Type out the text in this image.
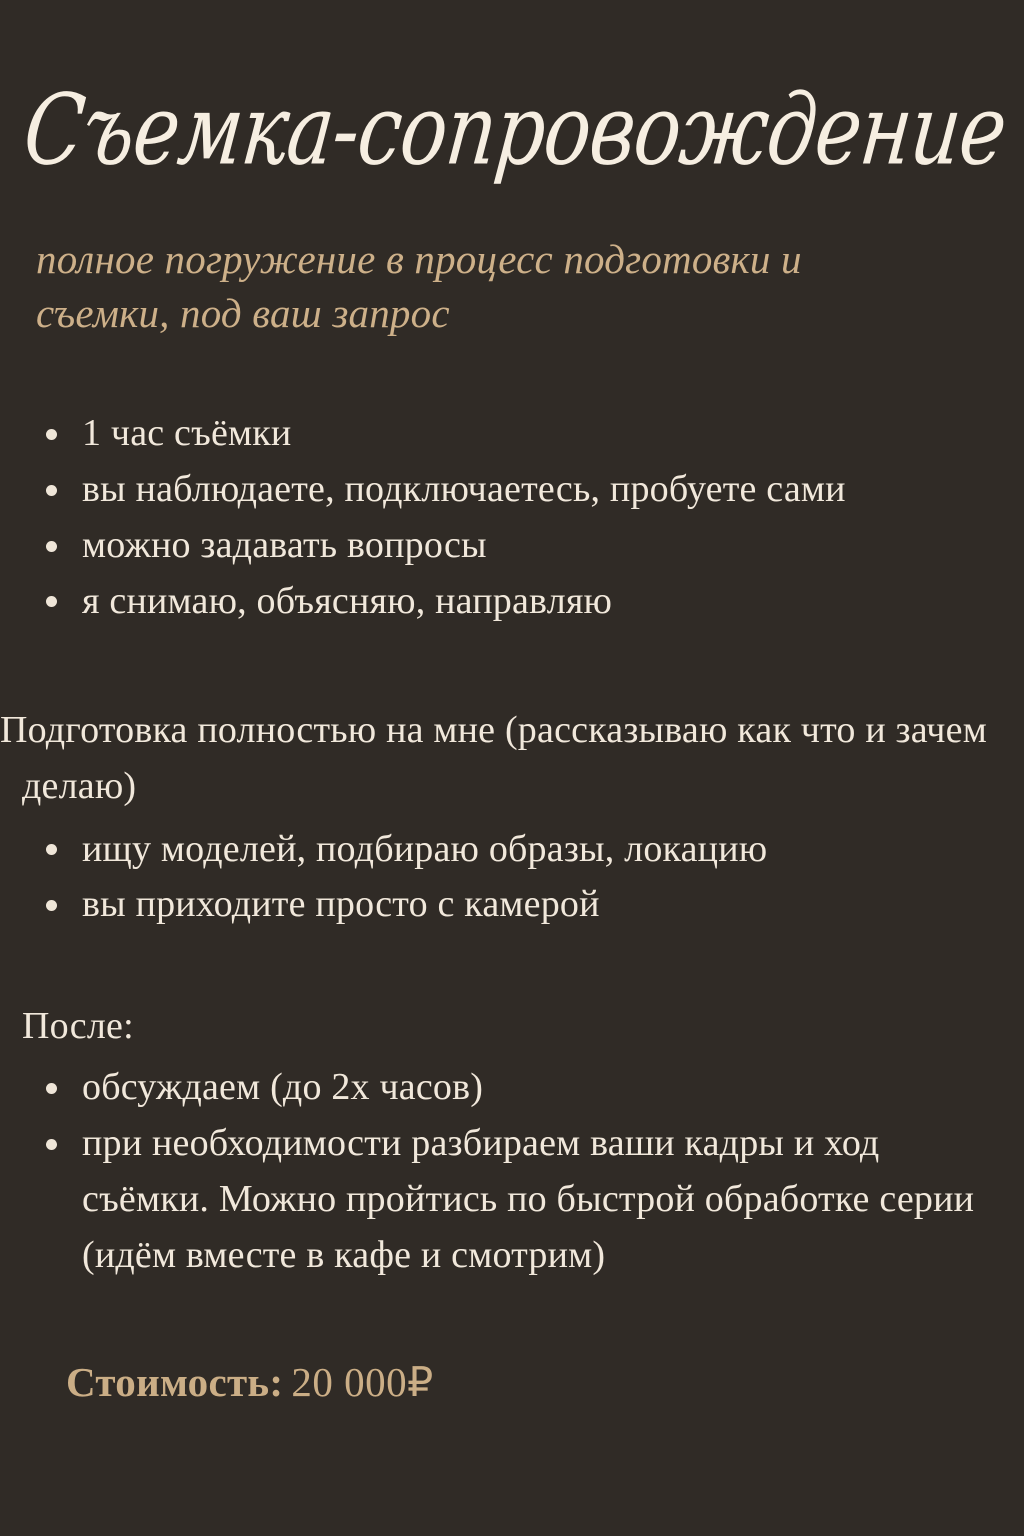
Съемка-сопровождение
полное погружение в процесс подготовки и съемки, под ваш запрос
1 час съёмки
вы наблюдаете, подключаетесь, пробуете сами
можно задавать вопросы
я снимаю, объясняю, направляю
Подготовка полностью на мне (рассказываю как что и зачем делаю)
ищу моделей, подбираю образы, локацию
вы приходите просто с камерой
После:
обсуждаем (до 2х часов)
при необходимости разбираем ваши кадры и ход съёмки. Можно пройтись по быстрой обработке серии (идём вместе в кафе и смотрим)
Стоимость: 20 000₽
